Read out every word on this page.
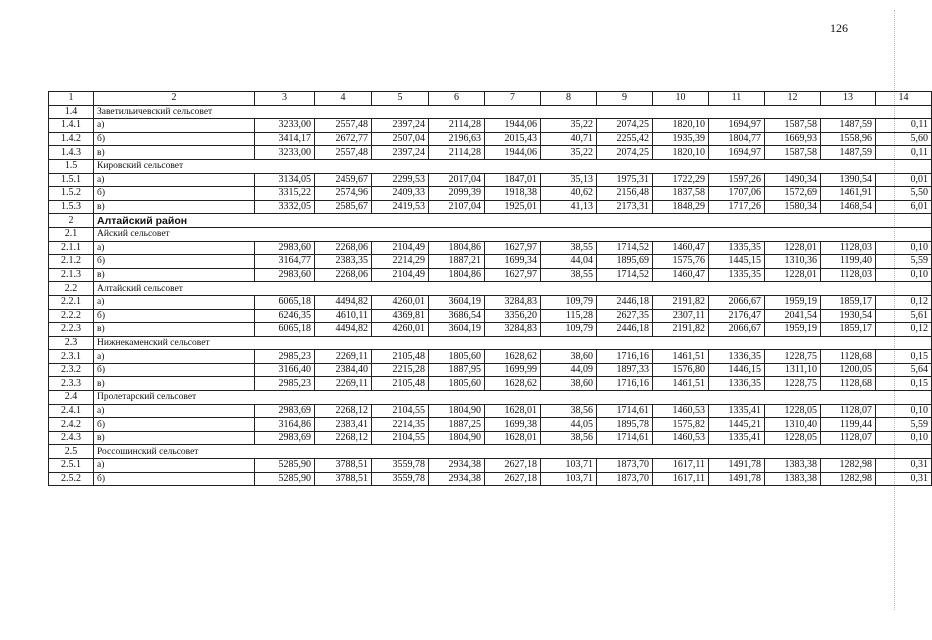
126
1	2	3	4	5	6	7	8	9	10	11	12	13	14
1.4	Заветильичевский сельсовет												
1.4.1	а)	3233,00	2557,48	2397,24	2114,28	1944,06	35,22	2074,25	1820,10	1694,97	1587,58	1487,59	0,11
1.4.2	б)	3414,17	2672,77	2507,04	2196,63	2015,43	40,71	2255,42	1935,39	1804,77	1669,93	1558,96	5,60
1.4.3	в)	3233,00	2557,48	2397,24	2114,28	1944,06	35,22	2074,25	1820,10	1694,97	1587,58	1487,59	0,11
1.5	Кировский сельсовет												
1.5.1	а)	3134,05	2459,67	2299,53	2017,04	1847,01	35,13	1975,31	1722,29	1597,26	1490,34	1390,54	0,01
1.5.2	б)	3315,22	2574,96	2409,33	2099,39	1918,38	40,62	2156,48	1837,58	1707,06	1572,69	1461,91	5,50
1.5.3	в)	3332,05	2585,67	2419,53	2107,04	1925,01	41,13	2173,31	1848,29	1717,26	1580,34	1468,54	6,01
2	Алтайский район												
2.1	Айский сельсовет												
2.1.1	а)	2983,60	2268,06	2104,49	1804,86	1627,97	38,55	1714,52	1460,47	1335,35	1228,01	1128,03	0,10
2.1.2	б)	3164,77	2383,35	2214,29	1887,21	1699,34	44,04	1895,69	1575,76	1445,15	1310,36	1199,40	5,59
2.1.3	в)	2983,60	2268,06	2104,49	1804,86	1627,97	38,55	1714,52	1460,47	1335,35	1228,01	1128,03	0,10
2.2	Алтайский сельсовет												
2.2.1	а)	6065,18	4494,82	4260,01	3604,19	3284,83	109,79	2446,18	2191,82	2066,67	1959,19	1859,17	0,12
2.2.2	б)	6246,35	4610,11	4369,81	3686,54	3356,20	115,28	2627,35	2307,11	2176,47	2041,54	1930,54	5,61
2.2.3	в)	6065,18	4494,82	4260,01	3604,19	3284,83	109,79	2446,18	2191,82	2066,67	1959,19	1859,17	0,12
2.3	Нижнекаменский сельсовет												
2.3.1	а)	2985,23	2269,11	2105,48	1805,60	1628,62	38,60	1716,16	1461,51	1336,35	1228,75	1128,68	0,15
2.3.2	б)	3166,40	2384,40	2215,28	1887,95	1699,99	44,09	1897,33	1576,80	1446,15	1311,10	1200,05	5,64
2.3.3	в)	2985,23	2269,11	2105,48	1805,60	1628,62	38,60	1716,16	1461,51	1336,35	1228,75	1128,68	0,15
2.4	Пролетарский сельсовет												
2.4.1	а)	2983,69	2268,12	2104,55	1804,90	1628,01	38,56	1714,61	1460,53	1335,41	1228,05	1128,07	0,10
2.4.2	б)	3164,86	2383,41	2214,35	1887,25	1699,38	44,05	1895,78	1575,82	1445,21	1310,40	1199,44	5,59
2.4.3	в)	2983,69	2268,12	2104,55	1804,90	1628,01	38,56	1714,61	1460,53	1335,41	1228,05	1128,07	0,10
2.5	Россошинский сельсовет												
2.5.1	а)	5285,90	3788,51	3559,78	2934,38	2627,18	103,71	1873,70	1617,11	1491,78	1383,38	1282,98	0,31
2.5.2	б)	5285,90	3788,51	3559,78	2934,38	2627,18	103,71	1873,70	1617,11	1491,78	1383,38	1282,98	0,31
